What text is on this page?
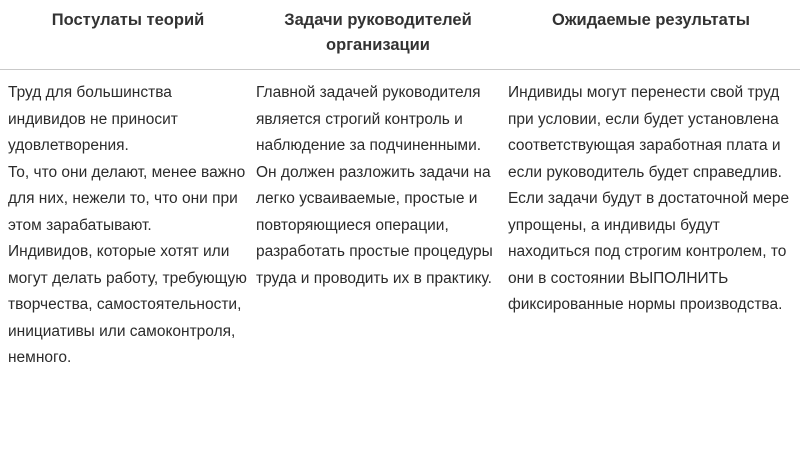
Постулаты теорий
Труд для большинства индивидов не приносит удовлетворения.
То, что они делают, менее важно для них, нежели то, что они при этом зарабатывают.
Индивидов, которые хотят или могут делать работу, требующую творчества, самостоятельности, инициативы или самоконтроля, немного.
Задачи руководителей организации
Главной задачей руководителя является строгий контроль и наблюдение за подчиненными.
Он должен разложить задачи на легко усваиваемые, простые и повторяющиеся операции, разработать простые процедуры труда и проводить их в практику.
Ожидаемые результаты
Индивиды могут перенести свой труд при условии, если будет установлена соответствующая заработная плата и если руководитель будет справедлив.
Если задачи будут в достаточной мере упрощены, а индивиды будут находиться под строгим контролем, то они в состоянии ВЫПОЛНИТЬ фиксированные нормы производства.
